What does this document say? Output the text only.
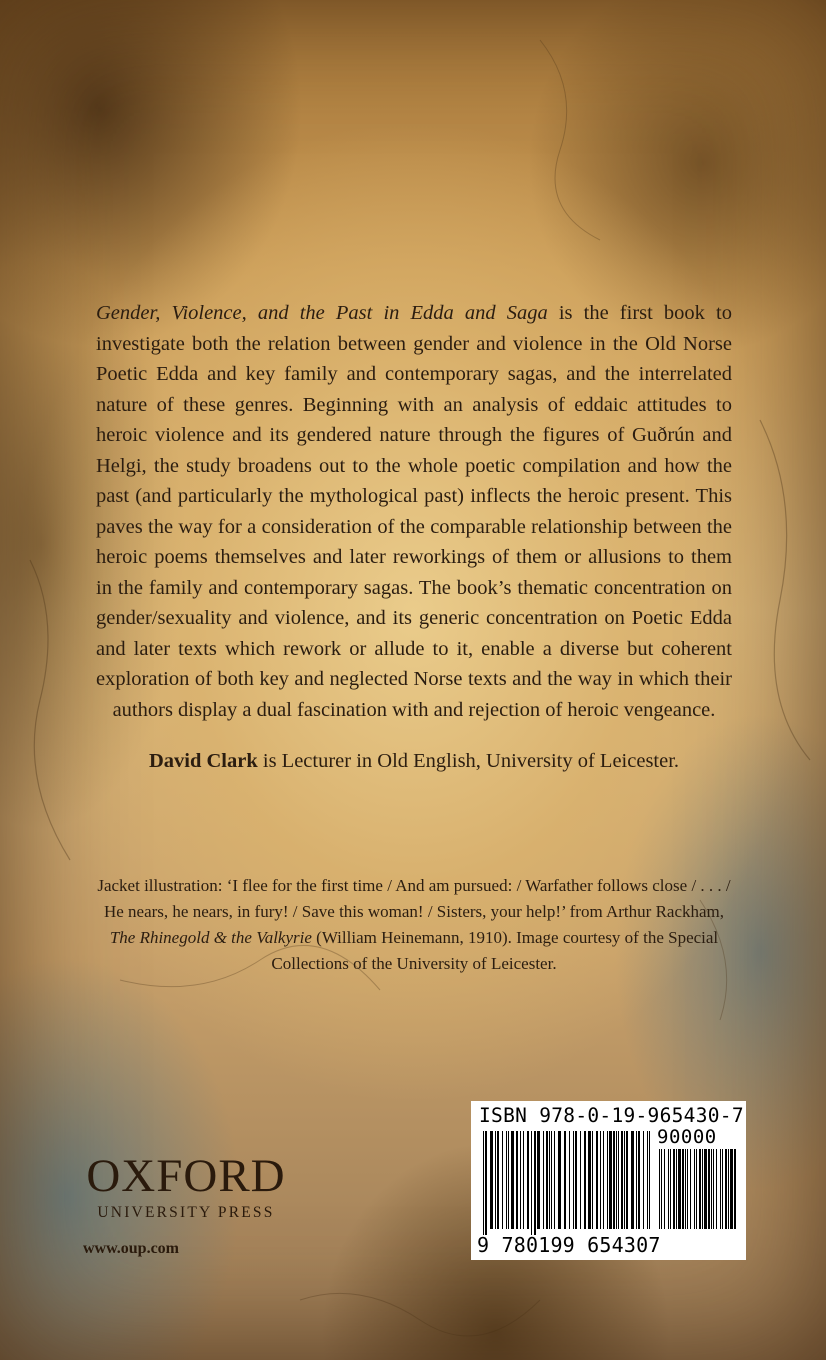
Gender, Violence, and the Past in Edda and Saga is the first book to investigate both the relation between gender and violence in the Old Norse Poetic Edda and key family and contemporary sagas, and the interrelated nature of these genres. Beginning with an analysis of eddaic attitudes to heroic violence and its gendered nature through the figures of Guðrún and Helgi, the study broadens out to the whole poetic compilation and how the past (and particularly the mythological past) inflects the heroic present. This paves the way for a consideration of the comparable relationship between the heroic poems themselves and later reworkings of them or allusions to them in the family and contemporary sagas. The book’s thematic concentration on gender/sexuality and violence, and its generic concentration on Poetic Edda and later texts which rework or allude to it, enable a diverse but coherent exploration of both key and neglected Norse texts and the way in which their authors display a dual fascination with and rejection of heroic vengeance.

David Clark is Lecturer in Old English, University of Leicester.

Jacket illustration: ‘I flee for the first time / And am pursued: / Warfather follows close / . . . / He nears, he nears, in fury! / Save this woman! / Sisters, your help!’ from Arthur Rackham, The Rhinegold & the Valkyrie (William Heinemann, 1910). Image courtesy of the Special Collections of the University of Leicester.

OXFORD
UNIVERSITY PRESS
www.oup.com
ISBN 978-0-19-965430-7
90000
9 780199 654307
